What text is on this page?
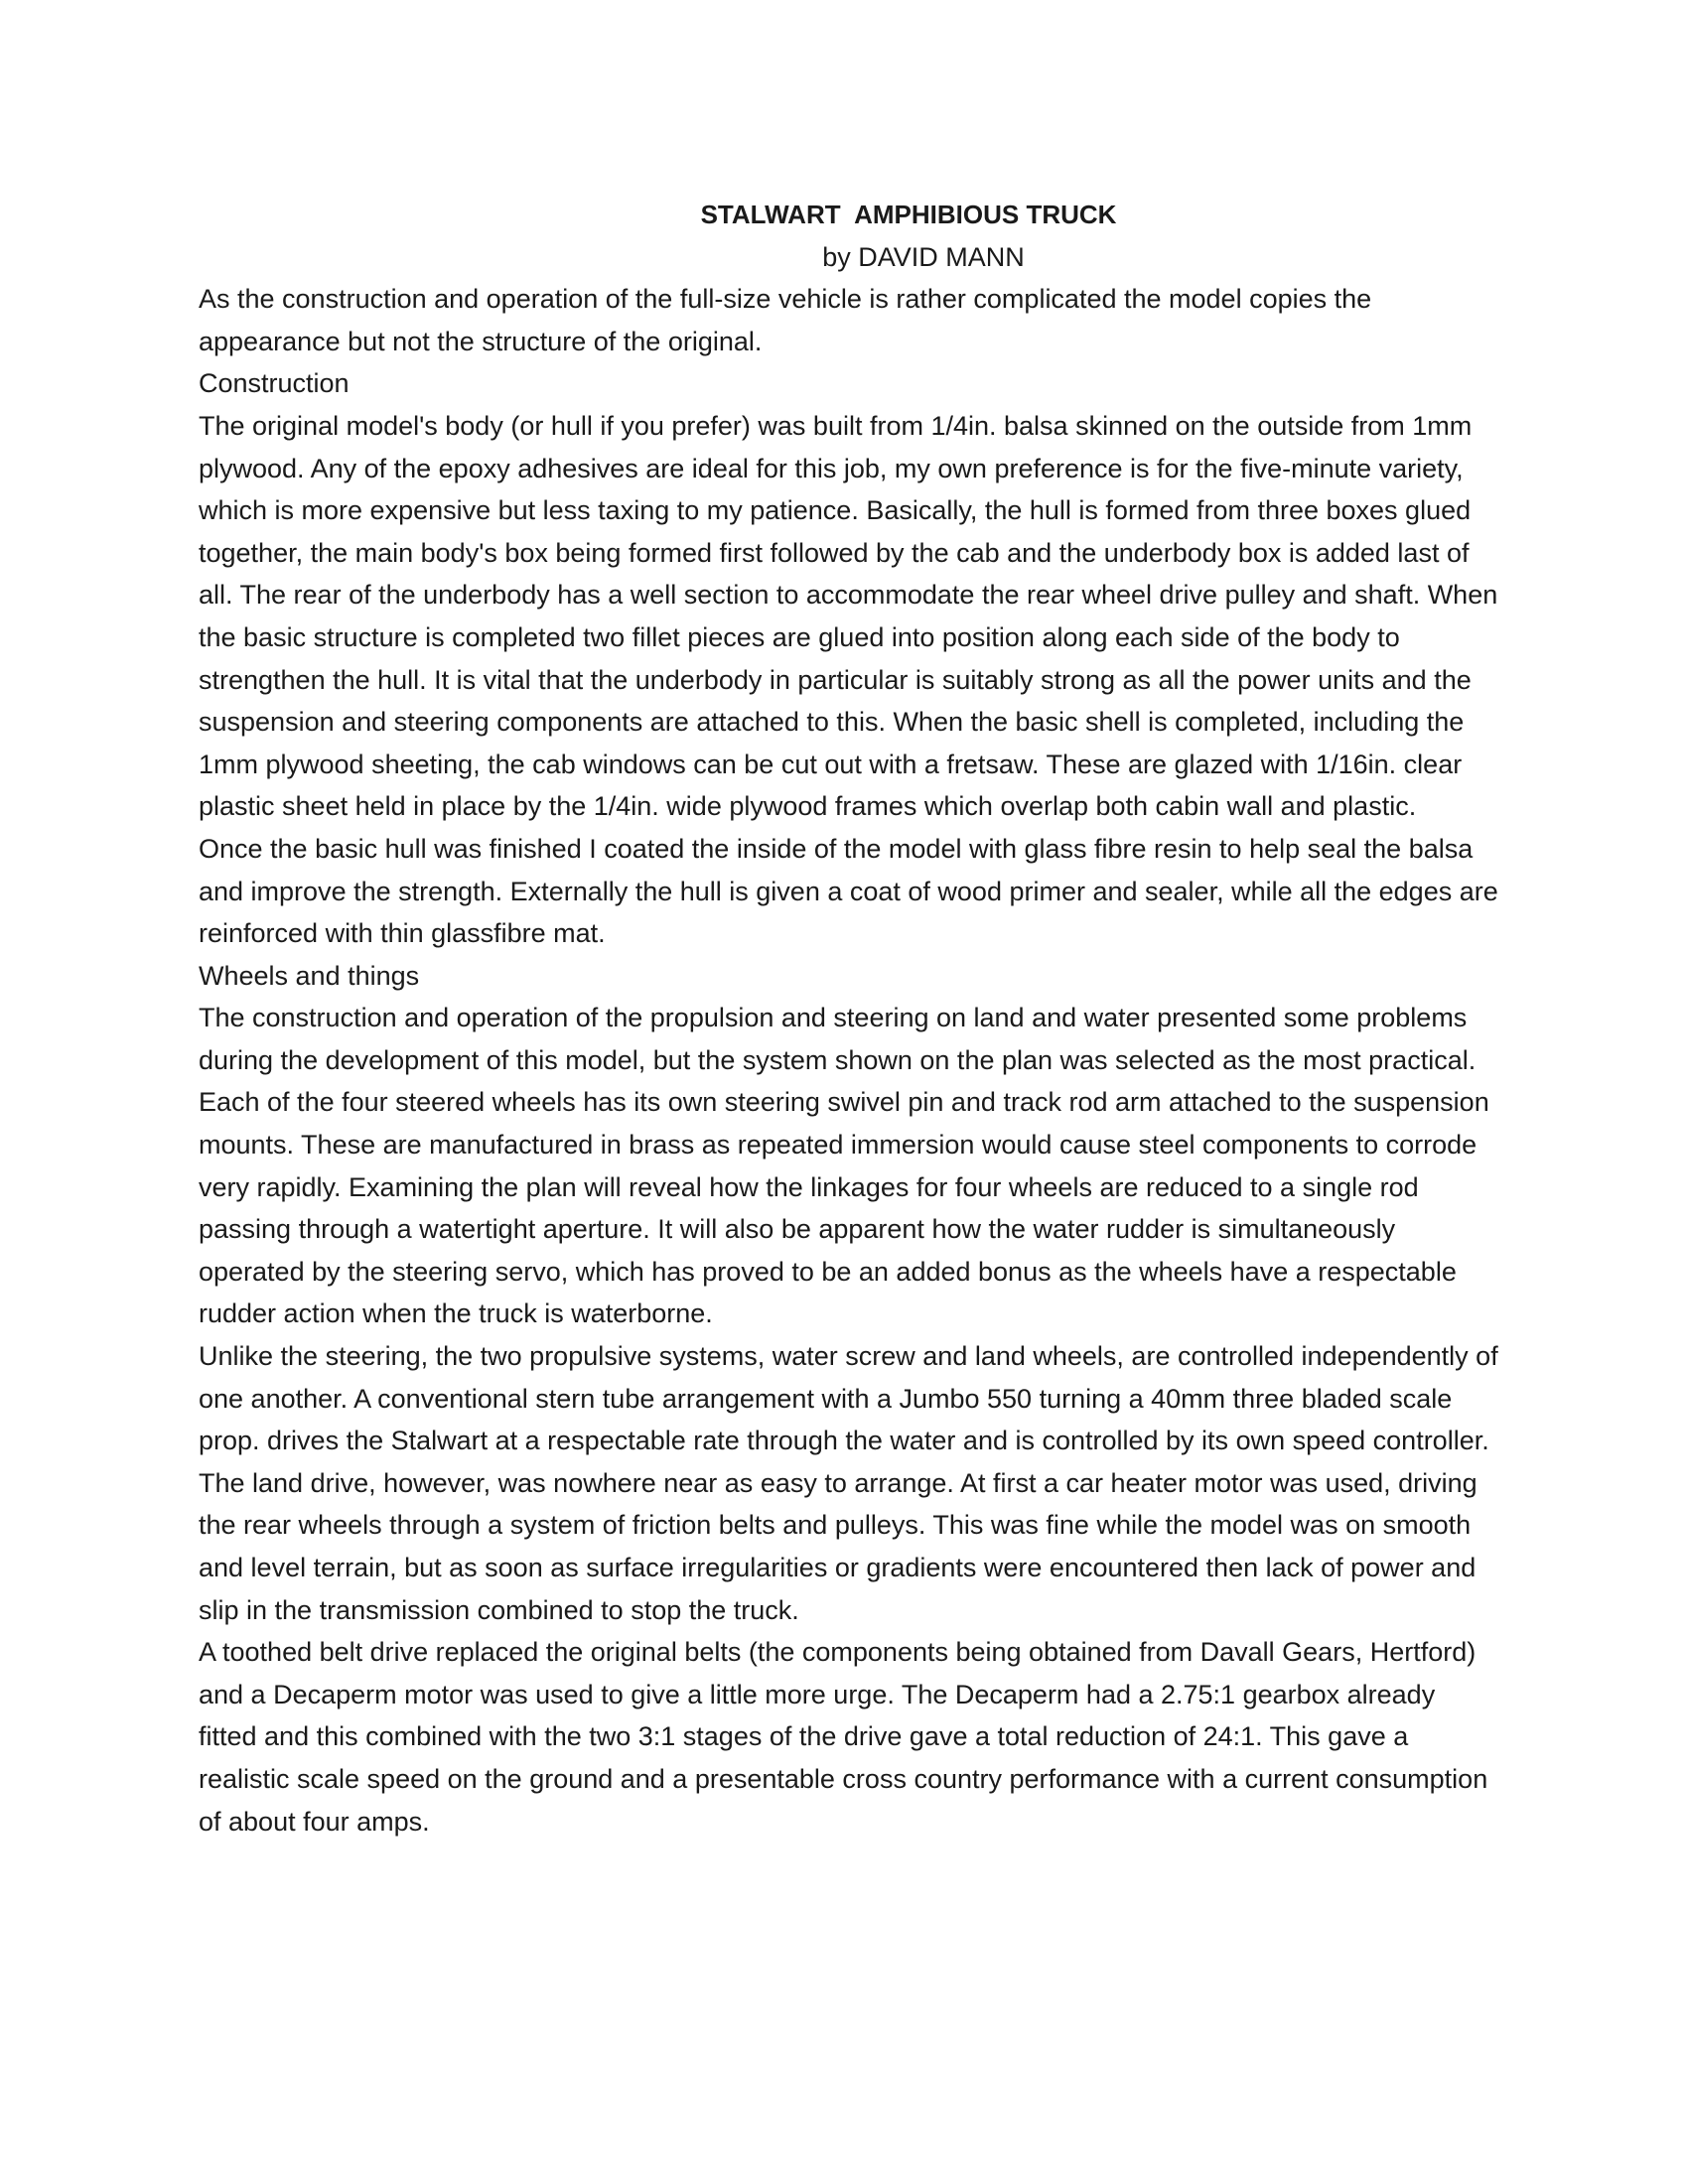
STALWART  AMPHIBIOUS TRUCK
by DAVID MANN

As the construction and operation of the full-size vehicle is rather complicated the model copies the appearance but not the structure of the original.

Construction

The original model's body (or hull if you prefer) was built from 1/4in. balsa skinned on the outside from 1mm plywood. Any of the epoxy adhesives are ideal for this job, my own preference is for the five-minute variety, which is more expensive but less taxing to my patience. Basically, the hull is formed from three boxes glued together, the main body's box being formed first followed by the cab and the underbody box is added last of all. The rear of the underbody has a well section to accommodate the rear wheel drive pulley and shaft. When the basic structure is completed two fillet pieces are glued into position along each side of the body to strengthen the hull. It is vital that the underbody in particular is suitably strong as all the power units and the suspension and steering components are attached to this. When the basic shell is completed, including the 1mm plywood sheeting, the cab windows can be cut out with a fretsaw. These are glazed with 1/16in. clear plastic sheet held in place by the 1/4in. wide plywood frames which overlap both cabin wall and plastic.

Once the basic hull was finished I coated the inside of the model with glass fibre resin to help seal the balsa and improve the strength. Externally the hull is given a coat of wood primer and sealer, while all the edges are reinforced with thin glassfibre mat.

Wheels and things

The construction and operation of the propulsion and steering on land and water presented some problems during the development of this model, but the system shown on the plan was selected as the most practical. Each of the four steered wheels has its own steering swivel pin and track rod arm attached to the suspension mounts. These are manufactured in brass as repeated immersion would cause steel components to corrode very rapidly. Examining the plan will reveal how the linkages for four wheels are reduced to a single rod passing through a watertight aperture. It will also be apparent how the water rudder is simultaneously operated by the steering servo, which has proved to be an added bonus as the wheels have a respectable rudder action when the truck is waterborne.

Unlike the steering, the two propulsive systems, water screw and land wheels, are controlled independently of one another. A conventional stern tube arrangement with a Jumbo 550 turning a 40mm three bladed scale prop. drives the Stalwart at a respectable rate through the water and is controlled by its own speed controller.

The land drive, however, was nowhere near as easy to arrange. At first a car heater motor was used, driving the rear wheels through a system of friction belts and pulleys. This was fine while the model was on smooth and level terrain, but as soon as surface irregularities or gradients were encountered then lack of power and slip in the transmission combined to stop the truck.

A toothed belt drive replaced the original belts (the components being obtained from Davall Gears, Hertford) and a Decaperm motor was used to give a little more urge. The Decaperm had a 2.75:1 gearbox already fitted and this combined with the two 3:1 stages of the drive gave a total reduction of 24:1. This gave a realistic scale speed on the ground and a presentable cross country performance with a current consumption of about four amps.
